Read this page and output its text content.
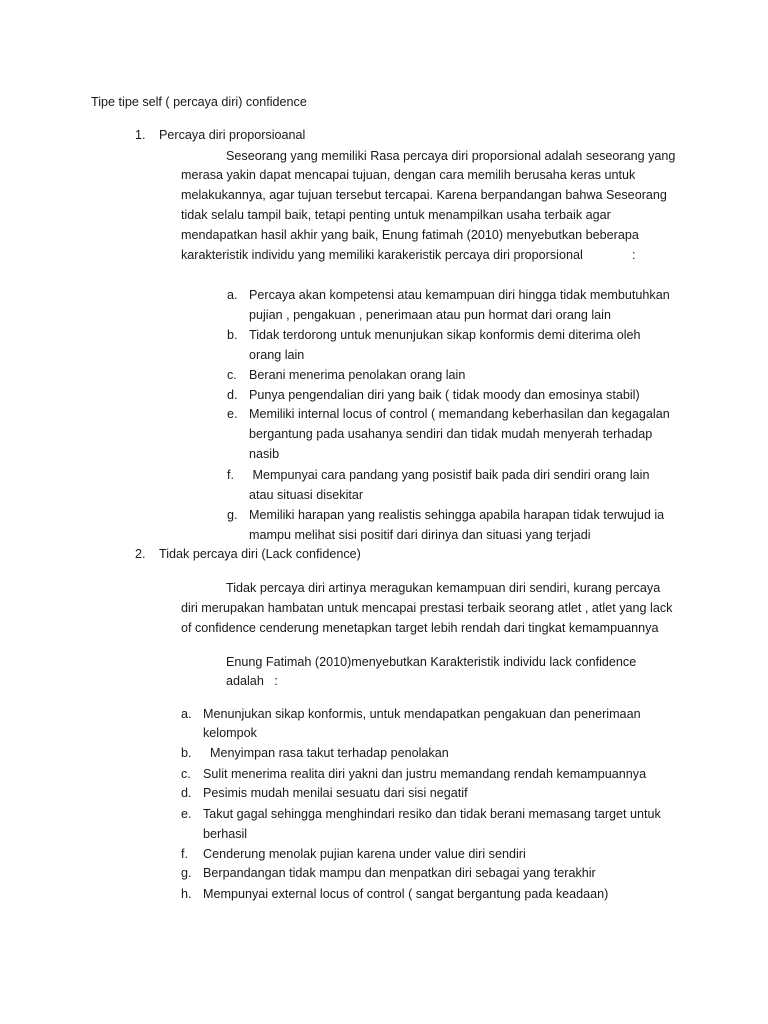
Tipe tipe self ( percaya diri) confidence

1. Percaya diri proporsioanal

Seseorang yang memiliki Rasa percaya diri proporsional adalah seseorang yang

merasa yakin dapat mencapai tujuan, dengan cara memilih berusaha keras untuk

melakukannya, agar tujuan tersebut tercapai. Karena berpandangan bahwa Seseorang

tidak selalu tampil baik, tetapi penting untuk menampilkan usaha terbaik agar

mendapatkan hasil akhir yang baik, Enung fatimah (2010) menyebutkan beberapa

karakteristik individu yang memiliki karakeristik percaya diri proporsional	:

a. Percaya akan kompetensi atau kemampuan diri hingga tidak membutuhkan

pujian , pengakuan , penerimaan atau pun hormat dari orang lain

b. Tidak terdorong untuk menunjukan sikap konformis demi diterima oleh

orang lain

c. Berani menerima penolakan orang lain

d. Punya pengendalian diri yang baik ( tidak moody dan emosinya stabil)

e. Memiliki internal locus of control ( memandang keberhasilan dan kegagalan

bergantung pada usahanya sendiri dan tidak mudah menyerah terhadap

nasib

f. Mempunyai cara pandang yang posistif baik pada diri sendiri orang lain

atau situasi disekitar

g. Memiliki harapan yang realistis sehingga apabila harapan tidak terwujud ia

mampu melihat sisi positif dari dirinya dan situasi yang terjadi

2. Tidak percaya diri (Lack confidence)

Tidak percaya diri artinya meragukan kemampuan diri sendiri, kurang percaya

diri merupakan hambatan untuk mencapai prestasi terbaik seorang atlet , atlet yang lack

of confidence cenderung menetapkan target lebih rendah dari tingkat kemampuannya

Enung Fatimah (2010)menyebutkan Karakteristik individu lack confidence

adalah   :

a. Menunjukan sikap konformis, untuk mendapatkan pengakuan dan penerimaan

kelompok

b. Menyimpan rasa takut terhadap penolakan

c. Sulit menerima realita diri yakni dan justru memandang rendah kemampuannya

d. Pesimis mudah menilai sesuatu dari sisi negatif

e. Takut gagal sehingga menghindari resiko dan tidak berani memasang target untuk

berhasil

f. Cenderung menolak pujian karena under value diri sendiri

g. Berpandangan tidak mampu dan menpatkan diri sebagai yang terakhir

h. Mempunyai external locus of control ( sangat bergantung pada keadaan)
